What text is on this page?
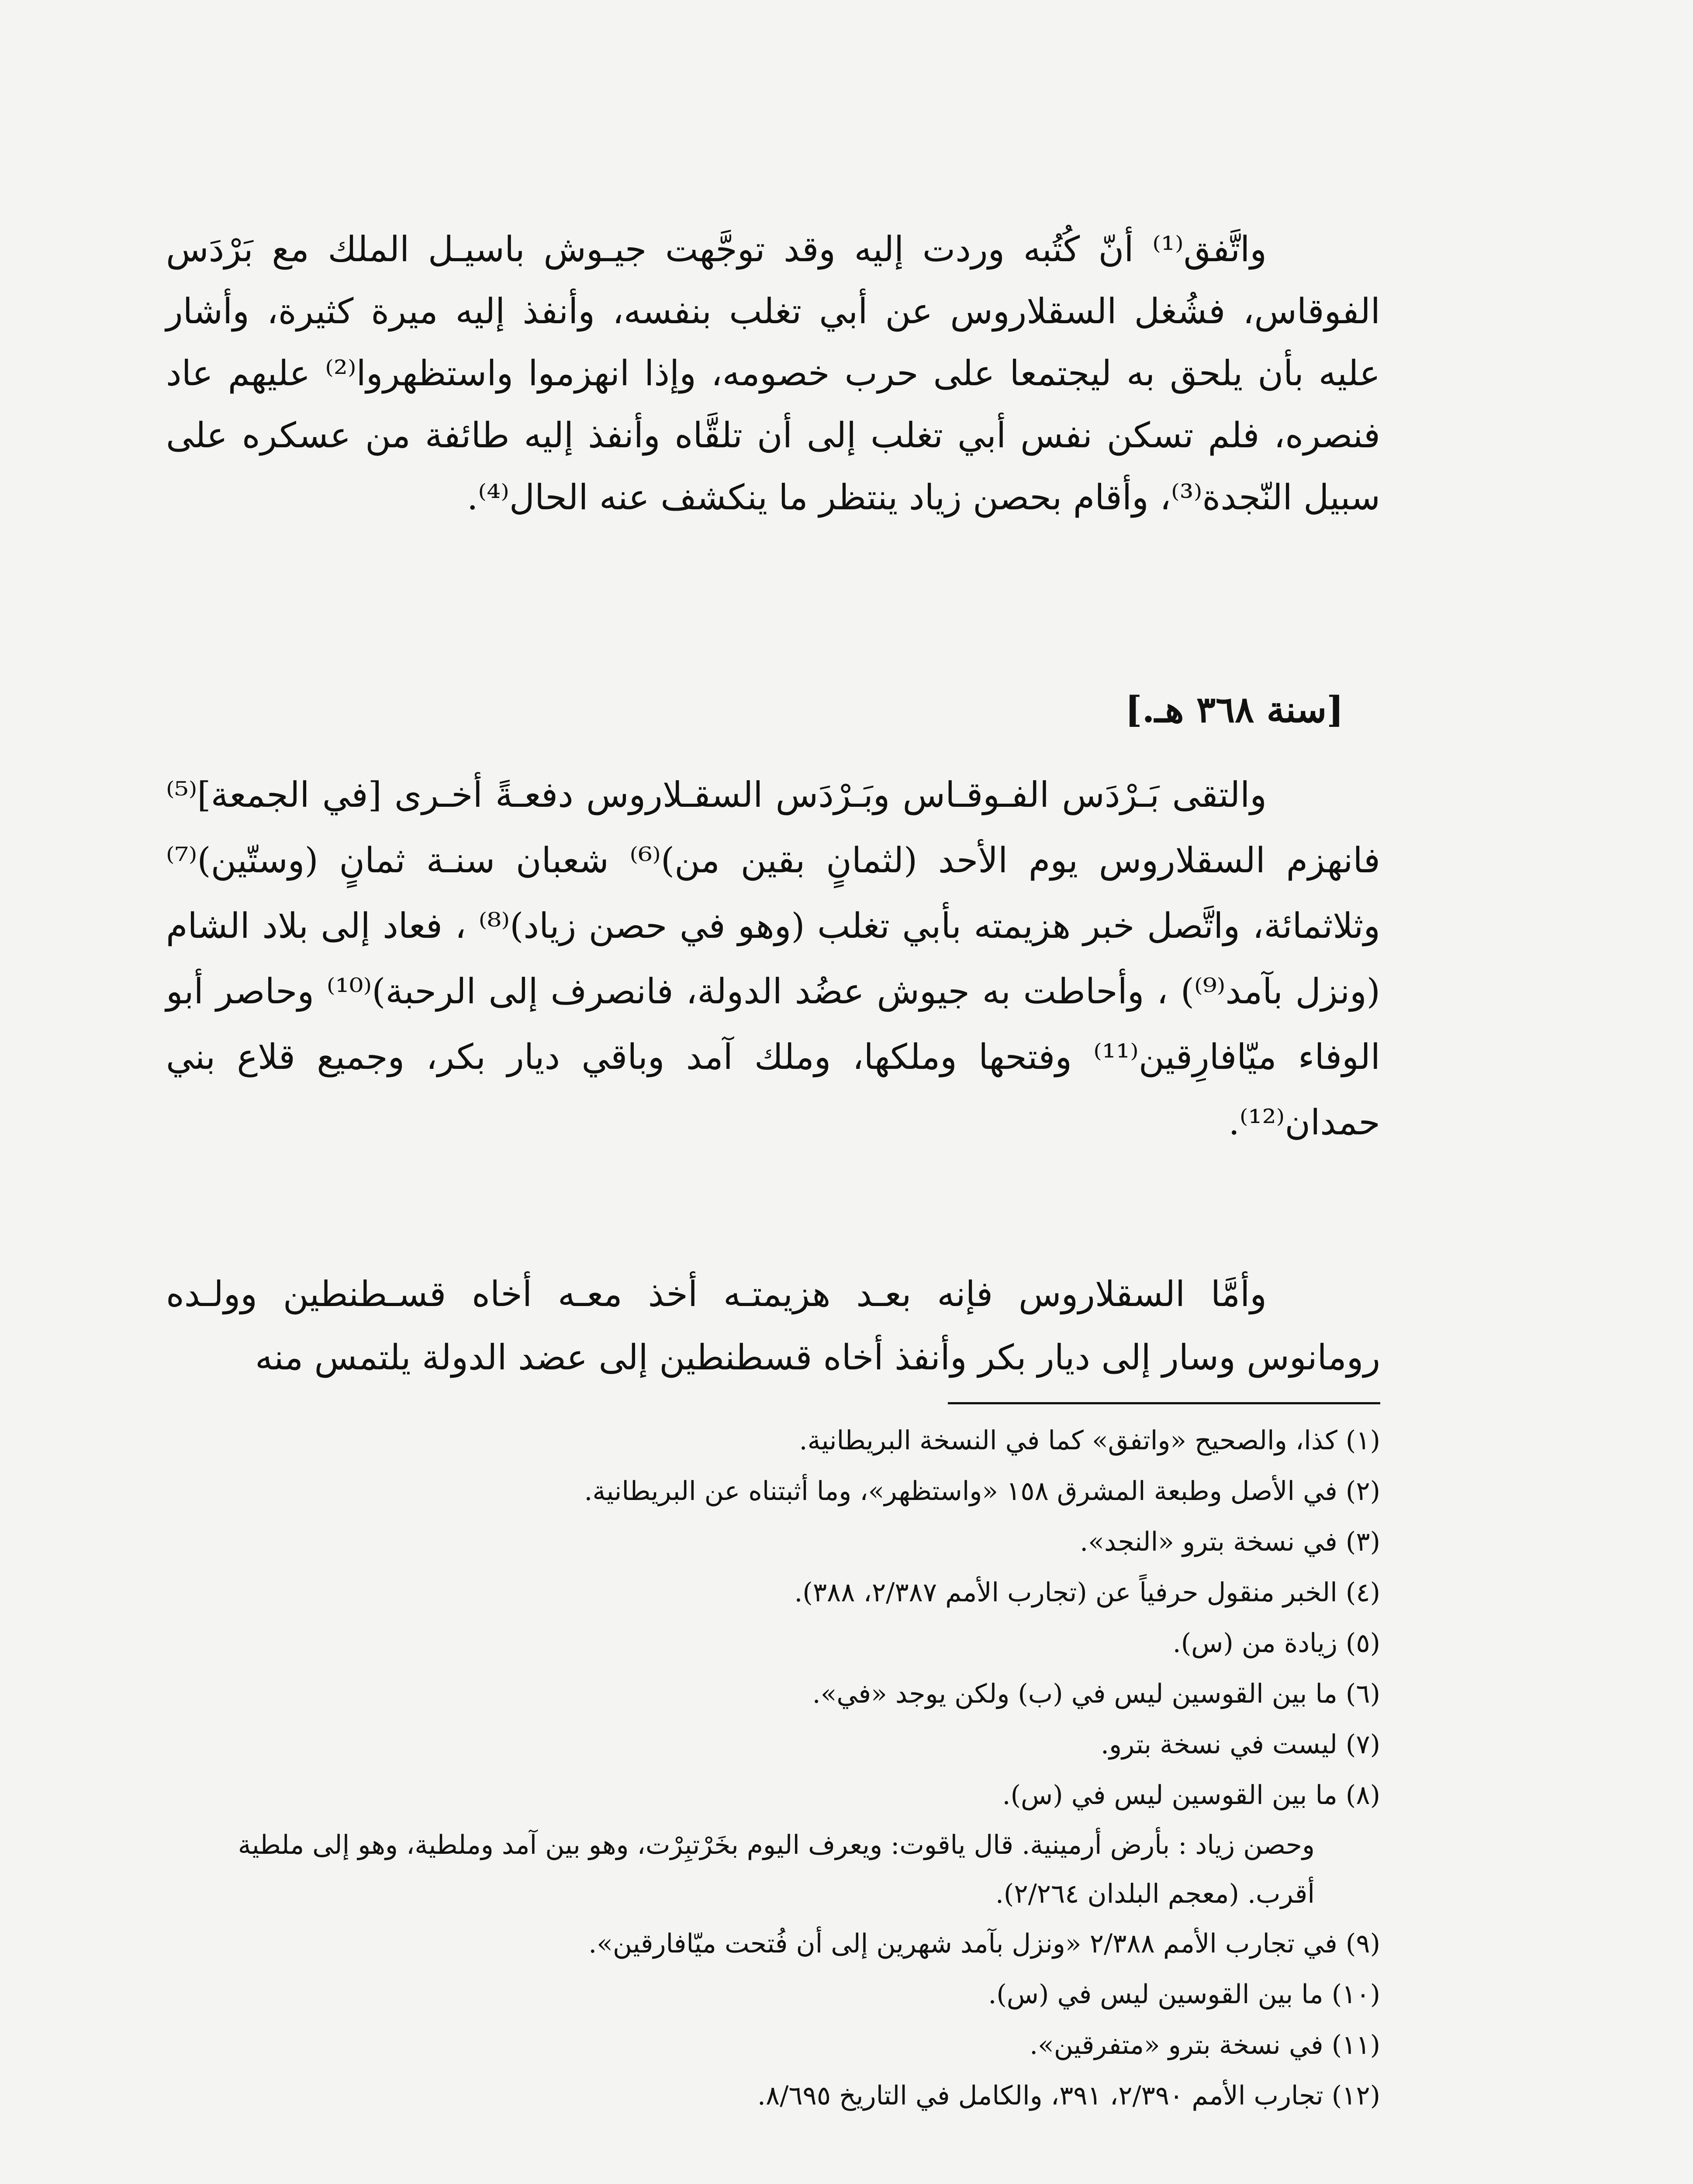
واتَّفق⁽¹⁾ أنّ كُتُبه وردت إليه وقد توجَّهت جيـوش باسيـل الملك مع بَرْدَس الفوقاس، فشُغل السقلاروس عن أبي تغلب بنفسه، وأنفذ إليه ميرة كثيرة، وأشار عليه بأن يلحق به ليجتمعا على حرب خصومه، وإذا انهزموا واستظهروا⁽²⁾ عليهم عاد فنصره، فلم تسكن نفس أبي تغلب إلى أن تلقَّاه وأنفذ إليه طائفة من عسكره على سبيل النّجدة⁽³⁾، وأقام بحصن زياد ينتظر ما ينكشف عنه الحال⁽⁴⁾.

[سنة ٣٦٨ هـ.]

والتقى بَـرْدَس الفـوقـاس وبَـرْدَس السقـلاروس دفعـةً أخـرى [في الجمعة]⁽⁵⁾ فانهزم السقلاروس يوم الأحد (لثمانٍ بقين من)⁽⁶⁾ شعبان سنـة ثمانٍ (وستّين)⁽⁷⁾ وثلاثمائة، واتَّصل خبر هزيمته بأبي تغلب (وهو في حصن زياد)⁽⁸⁾ ، فعاد إلى بلاد الشام (ونزل بآمد⁽⁹⁾) ، وأحاطت به جيوش عضُد الدولة، فانصرف إلى الرحبة)⁽¹⁰⁾ وحاصر أبو الوفاء ميّافارِقين⁽¹¹⁾ وفتحها وملكها، وملك آمد وباقي ديار بكر، وجميع قلاع بني حمدان⁽¹²⁾.

وأمَّا السقلاروس فإنه بعـد هزيمتـه أخذ معـه أخاه قسـطنطين وولـده رومانوس وسار إلى ديار بكر وأنفذ أخاه قسطنطين إلى عضد الدولة يلتمس منه

(١) كذا، والصحيح «واتفق» كما في النسخة البريطانية.

(٢) في الأصل وطبعة المشرق ١٥٨ «واستظهر»، وما أثبتناه عن البريطانية.

(٣) في نسخة بترو «النجد».

(٤) الخبر منقول حرفياً عن (تجارب الأمم ٢/٣٨٧، ٣٨٨).

(٥) زيادة من (س).

(٦) ما بين القوسين ليس في (ب) ولكن يوجد «في».

(٧) ليست في نسخة بترو.

(٨) ما بين القوسين ليس في (س).

وحصن زياد : بأرض أرمينية. قال ياقوت: ويعرف اليوم بخَرْتبِرْت، وهو بين آمد وملطية، وهو إلى ملطية أقرب. (معجم البلدان ٢/٢٦٤).

(٩) في تجارب الأمم ٢/٣٨٨ «ونزل بآمد شهرين إلى أن فُتحت ميّافارقين».

(١٠) ما بين القوسين ليس في (س).

(١١) في نسخة بترو «متفرقين».

(١٢) تجارب الأمم ٢/٣٩٠، ٣٩١، والكامل في التاريخ ٨/٦٩٥.
